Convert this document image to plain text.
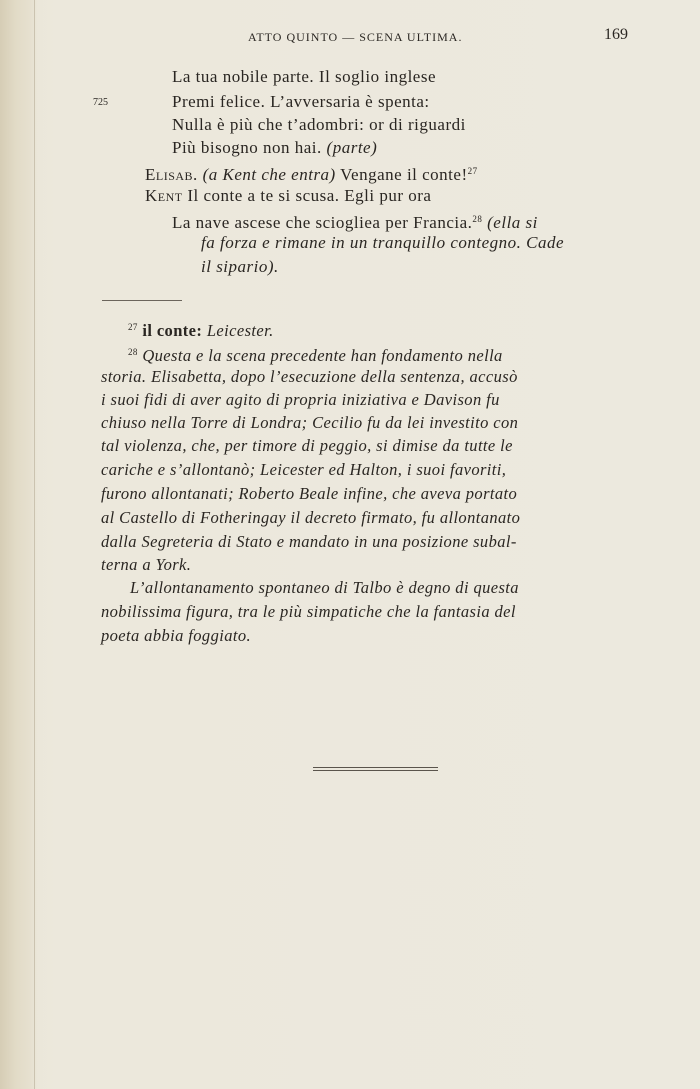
ATTO QUINTO — SCENA ULTIMA.	169
725
La tua nobile parte. Il soglio inglese
Premi felice. L’avversaria è spenta:
Nulla è più che t’adombri: or di riguardi
Più bisogno non hai. (parte)
Elisab. (a Kent che entra) Vengane il conte!$^{27}$
Kent Il conte a te si scusa. Egli pur ora
La nave ascese che sciogliea per Francia.$^{28}$ (ella si
fa forza e rimane in un tranquillo contegno. Cade
il sipario).
$^{27}$ il conte: Leicester.
$^{28}$ Questa e la scena precedente han fondamento nella
storia. Elisabetta, dopo l’esecuzione della sentenza, accusò
i suoi fidi di aver agito di propria iniziativa e Davison fu
chiuso nella Torre di Londra; Cecilio fu da lei investito con
tal violenza, che, per timore di peggio, si dimise da tutte le
cariche e s’allontanò; Leicester ed Halton, i suoi favoriti,
furono allontanati; Roberto Beale infine, che aveva portato
al Castello di Fotheringay il decreto firmato, fu allontanato
dalla Segreteria di Stato e mandato in una posizione subal-
terna a York.
L’allontanamento spontaneo di Talbo è degno di questa
nobilissima figura, tra le più simpatiche che la fantasia del
poeta abbia foggiato.
